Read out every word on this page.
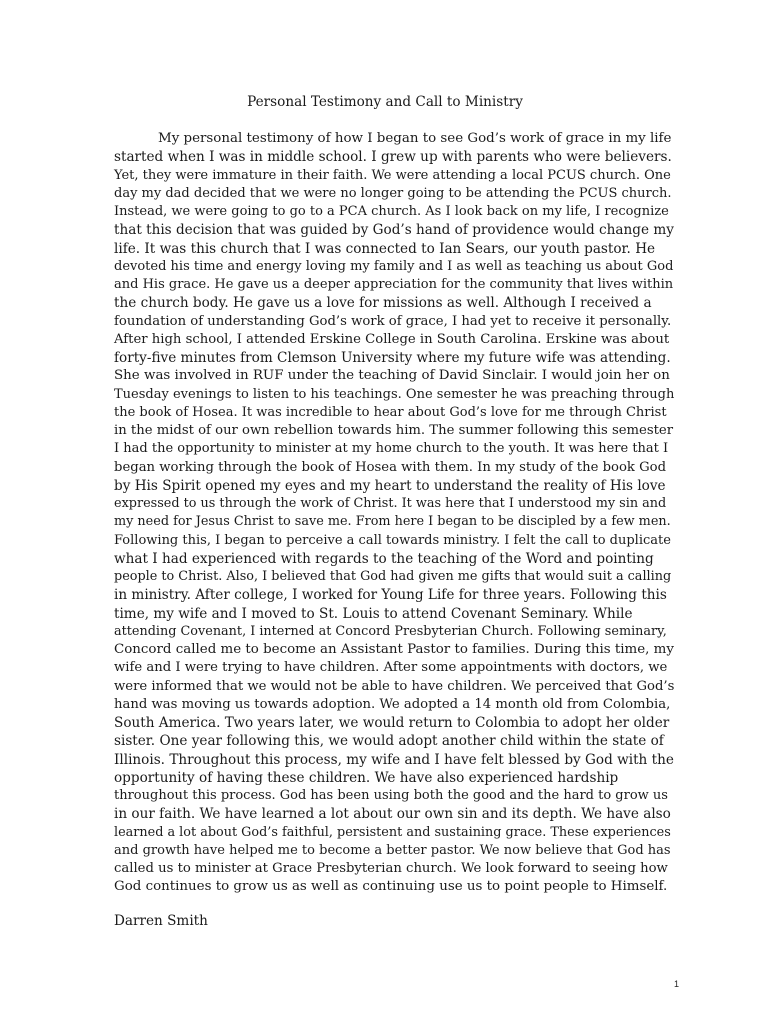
Personal Testimony and Call to Ministry
My personal testimony of how I began to see God’s work of grace in my life
started when I was in middle school. I grew up with parents who were believers.
Yet, they were immature in their faith. We were attending a local PCUS church. One
day my dad decided that we were no longer going to be attending the PCUS church.
Instead, we were going to go to a PCA church. As I look back on my life, I recognize
that this decision that was guided by God’s hand of providence would change my
life. It was this church that I was connected to Ian Sears, our youth pastor. He
devoted his time and energy loving my family and I as well as teaching us about God
and His grace. He gave us a deeper appreciation for the community that lives within
the church body. He gave us a love for missions as well. Although I received a
foundation of understanding God’s work of grace, I had yet to receive it personally.
After high school, I attended Erskine College in South Carolina. Erskine was about
forty-five minutes from Clemson University where my future wife was attending.
She was involved in RUF under the teaching of David Sinclair. I would join her on
Tuesday evenings to listen to his teachings. One semester he was preaching through
the book of Hosea. It was incredible to hear about God’s love for me through Christ
in the midst of our own rebellion towards him. The summer following this semester
I had the opportunity to minister at my home church to the youth. It was here that I
began working through the book of Hosea with them. In my study of the book God
by His Spirit opened my eyes and my heart to understand the reality of His love
expressed to us through the work of Christ. It was here that I understood my sin and
my need for Jesus Christ to save me. From here I began to be discipled by a few men.
Following this, I began to perceive a call towards ministry. I felt the call to duplicate
what I had experienced with regards to the teaching of the Word and pointing
people to Christ. Also, I believed that God had given me gifts that would suit a calling
in ministry. After college, I worked for Young Life for three years. Following this
time, my wife and I moved to St. Louis to attend Covenant Seminary. While
attending Covenant, I interned at Concord Presbyterian Church. Following seminary,
Concord called me to become an Assistant Pastor to families. During this time, my
wife and I were trying to have children. After some appointments with doctors, we
were informed that we would not be able to have children. We perceived that God’s
hand was moving us towards adoption. We adopted a 14 month old from Colombia,
South America. Two years later, we would return to Colombia to adopt her older
sister. One year following this, we would adopt another child within the state of
Illinois. Throughout this process, my wife and I have felt blessed by God with the
opportunity of having these children. We have also experienced hardship
throughout this process. God has been using both the good and the hard to grow us
in our faith. We have learned a lot about our own sin and its depth. We have also
learned a lot about God’s faithful, persistent and sustaining grace. These experiences
and growth have helped me to become a better pastor. We now believe that God has
called us to minister at Grace Presbyterian church. We look forward to seeing how
God continues to grow us as well as continuing use us to point people to Himself.
Darren Smith
1
